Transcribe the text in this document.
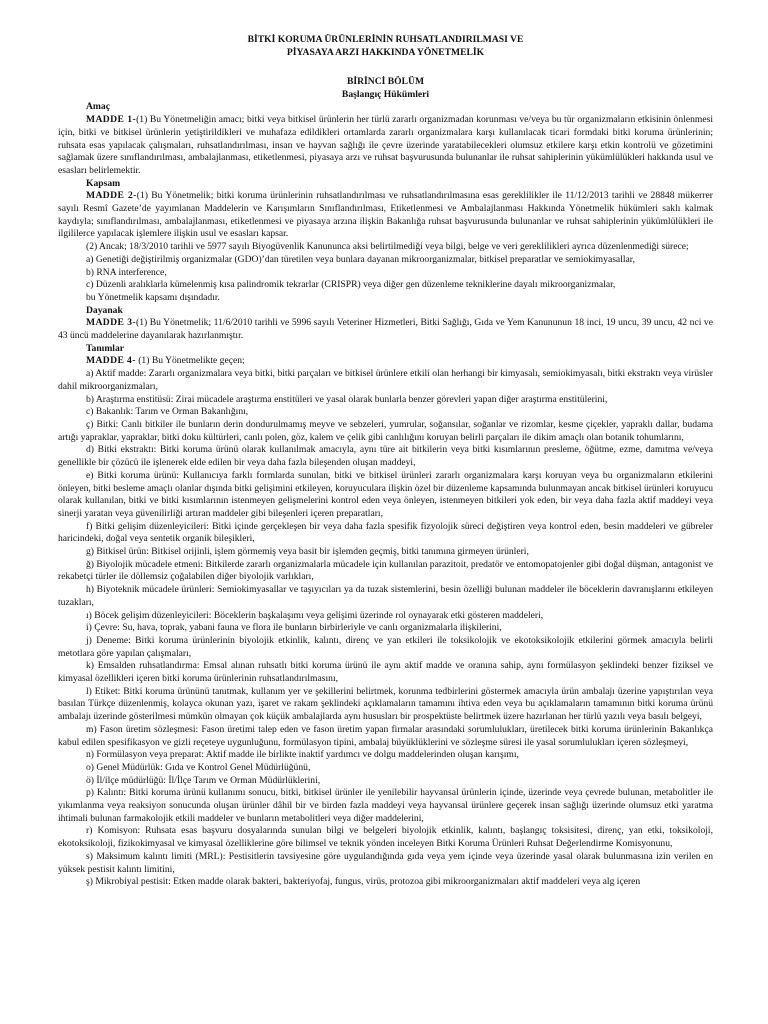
BİTKİ KORUMA ÜRÜNLERİNİN RUHSATLANDIRILMASI VE
PİYASAYA ARZI HAKKINDA YÖNETMELİK
BİRİNCİ BÖLÜM
Başlangıç Hükümleri
Amaç
MADDE 1-(1) Bu Yönetmeliğin amacı; bitki veya bitkisel ürünlerin her türlü zararlı organizmadan korunması ve/veya bu tür organizmaların etkisinin önlenmesi için, bitki ve bitkisel ürünlerin yetiştirildikleri ve muhafaza edildikleri ortamlarda zararlı organizmalara karşı kullanılacak ticari formdaki bitki koruma ürünlerinin; ruhsata esas yapılacak çalışmaları, ruhsatlandırılması, insan ve hayvan sağlığı ile çevre üzerinde yaratabilecekleri olumsuz etkilere karşı etkin kontrolü ve gözetimini sağlamak üzere sınıflandırılması, ambalajlanması, etiketlenmesi, piyasaya arzı ve ruhsat başvurusunda bulunanlar ile ruhsat sahiplerinin yükümlülükleri hakkında usul ve esasları belirlemektir.
Kapsam
MADDE 2-(1) Bu Yönetmelik; bitki koruma ürünlerinin ruhsatlandırılması ve ruhsatlandırılmasına esas gereklilikler ile 11/12/2013 tarihli ve 28848 mükerrer sayılı Resmî Gazete’de yayımlanan Maddelerin ve Karışımların Sınıflandırılması, Etiketlenmesi ve Ambalajlanması Hakkında Yönetmelik hükümleri saklı kalmak kaydıyla; sınıflandırılması, ambalajlanması, etiketlenmesi ve piyasaya arzına ilişkin Bakanlığa ruhsat başvurusunda bulunanlar ve ruhsat sahiplerinin yükümlülükleri ile ilgililerce yapılacak işlemlere ilişkin usul ve esasları kapsar.
(2) Ancak; 18/3/2010 tarihli ve 5977 sayılı Biyogüvenlik Kanununca aksi belirtilmediği veya bilgi, belge ve veri gereklilikleri ayrıca düzenlenmediği sürece;
a) Genetiği değiştirilmiş organizmalar (GDO)’dan türetilen veya bunlara dayanan mikroorganizmalar, bitkisel preparatlar ve semiokimyasallar,
b) RNA interference,
c) Düzenli aralıklarla kümelenmiş kısa palindromik tekrarlar (CRISPR) veya diğer gen düzenleme tekniklerine dayalı mikroorganizmalar,
bu Yönetmelik kapsamı dışındadır.
Dayanak
MADDE 3-(1) Bu Yönetmelik; 11/6/2010 tarihli ve 5996 sayılı Veteriner Hizmetleri, Bitki Sağlığı, Gıda ve Yem Kanununun 18 inci, 19 uncu, 39 uncu, 42 nci ve 43 üncü maddelerine dayanılarak hazırlanmıştır.
Tanımlar
MADDE 4- (1) Bu Yönetmelikte geçen;
a) Aktif madde: Zararlı organizmalara veya bitki, bitki parçaları ve bitkisel ürünlere etkili olan herhangi bir kimyasalı, semiokimyasalı, bitki ekstraktı veya virüsler dahil mikroorganizmaları,
b) Araştırma enstitüsü: Zirai mücadele araştırma enstitüleri ve yasal olarak bunlarla benzer görevleri yapan diğer araştırma enstitülerini,
c) Bakanlık: Tarım ve Orman Bakanlığını,
ç) Bitki: Canlı bitkiler ile bunların derin dondurulmamış meyve ve sebzeleri, yumrular, soğansılar, soğanlar ve rizomlar, kesme çiçekler, yapraklı dallar, budama artığı yapraklar, yapraklar, bitki doku kültürleri, canlı polen, göz, kalem ve çelik gibi canlılığını koruyan belirli parçaları ile dikim amaçlı olan botanik tohumlarını,
d) Bitki ekstraktı: Bitki koruma ürünü olarak kullanılmak amacıyla, aynı türe ait bitkilerin veya bitki kısımlarının presleme, öğütme, ezme, damıtma ve/veya genellikle bir çözücü ile işlenerek elde edilen bir veya daha fazla bileşenden oluşan maddeyi,
e) Bitki koruma ürünü: Kullanıcıya farklı formlarda sunulan, bitki ve bitkisel ürünleri zararlı organizmalara karşı koruyan veya bu organizmaların etkilerini önleyen, bitki besleme amaçlı olanlar dışında bitki gelişimini etkileyen, koruyuculara ilişkin özel bir düzenleme kapsamında bulunmayan ancak bitkisel ürünleri koruyucu olarak kullanılan, bitki ve bitki kısımlarının istenmeyen gelişmelerini kontrol eden veya önleyen, istenmeyen bitkileri yok eden, bir veya daha fazla aktif maddeyi veya sinerji yaratan veya güvenilirliği artıran maddeler gibi bileşenleri içeren preparatları,
f) Bitki gelişim düzenleyicileri: Bitki içinde gerçekleşen bir veya daha fazla spesifik fizyolojik süreci değiştiren veya kontrol eden, besin maddeleri ve gübreler haricindeki, doğal veya sentetik organik bileşikleri,
g) Bitkisel ürün: Bitkisel orijinli, işlem görmemiş veya basit bir işlemden geçmiş, bitki tanımına girmeyen ürünleri,
ğ) Biyolojik mücadele etmeni: Bitkilerde zararlı organizmalarla mücadele için kullanılan parazitoit, predatör ve entomopatojenler gibi doğal düşman, antagonist ve rekabetçi türler ile döllemsiz çoğalabilen diğer biyolojik varlıkları,
h) Biyoteknik mücadele ürünleri: Semiokimyasallar ve taşıyıcıları ya da tuzak sistemlerini, besin özelliği bulunan maddeler ile böceklerin davranışlarını etkileyen tuzakları,
ı) Böcek gelişim düzenleyicileri: Böceklerin başkalaşımı veya gelişimi üzerinde rol oynayarak etki gösteren maddeleri,
i) Çevre: Su, hava, toprak, yabani fauna ve flora ile bunların birbirleriyle ve canlı organizmalarla ilişkilerini,
j) Deneme: Bitki koruma ürünlerinin biyolojik etkinlik, kalıntı, direnç ve yan etkileri ile toksikolojik ve ekotoksikolojik etkilerini görmek amacıyla belirli metotlara göre yapılan çalışmaları,
k) Emsalden ruhsatlandırma: Emsal alınan ruhsatlı bitki koruma ürünü ile aynı aktif madde ve oranına sahip, aynı formülasyon şeklindeki benzer fiziksel ve kimyasal özellikleri içeren bitki koruma ürünlerinin ruhsatlandırılmasını,
l) Etiket: Bitki koruma ürününü tanıtmak, kullanım yer ve şekillerini belirtmek, korunma tedbirlerini göstermek amacıyla ürün ambalajı üzerine yapıştırılan veya basılan Türkçe düzenlenmiş, kolayca okunan yazı, işaret ve rakam şeklindeki açıklamaların tamamını ihtiva eden veya bu açıklamaların tamamının bitki koruma ürünü ambalajı üzerinde gösterilmesi mümkün olmayan çok küçük ambalajlarda aynı hususları bir prospektüste belirtmek üzere hazırlanan her türlü yazılı veya basılı belgeyi,
m) Fason üretim sözleşmesi: Fason üretimi talep eden ve fason üretim yapan firmalar arasındaki sorumlulukları, üretilecek bitki koruma ürünlerinin Bakanlıkça kabul edilen spesifikasyon ve gizli reçeteye uygunluğunu, formülasyon tipini, ambalaj büyüklüklerini ve sözleşme süresi ile yasal sorumlulukları içeren sözleşmeyi,
n) Formülasyon veya preparat: Aktif madde ile birlikte inaktif yardımcı ve dolgu maddelerinden oluşan karışımı,
o) Genel Müdürlük: Gıda ve Kontrol Genel Müdürlüğünü,
ö) İl/ilçe müdürlüğü: İl/İlçe Tarım ve Orman Müdürlüklerini,
p) Kalıntı: Bitki koruma ürünü kullanımı sonucu, bitki, bitkisel ürünler ile yenilebilir hayvansal ürünlerin içinde, üzerinde veya çevrede bulunan, metabolitler ile yıkımlanma veya reaksiyon sonucunda oluşan ürünler dâhil bir ve birden fazla maddeyi veya hayvansal ürünlere geçerek insan sağlığı üzerinde olumsuz etki yaratma ihtimali bulunan farmakolojik etkili maddeler ve bunların metabolitleri veya diğer maddelerini,
r) Komisyon: Ruhsata esas başvuru dosyalarında sunulan bilgi ve belgeleri biyolojik etkinlik, kalıntı, başlangıç toksisitesi, direnç, yan etki, toksikoloji, ekotoksikoloji, fizikokimyasal ve kimyasal özelliklerine göre bilimsel ve teknik yönden inceleyen Bitki Koruma Ürünleri Ruhsat Değerlendirme Komisyonunu,
s) Maksimum kalıntı limiti (MRL): Pestisitlerin tavsiyesine göre uygulandığında gıda veya yem içinde veya üzerinde yasal olarak bulunmasına izin verilen en yüksek pestisit kalıntı limitini,
ş) Mikrobiyal pestisit: Etken madde olarak bakteri, bakteriyofaj, fungus, virüs, protozoa gibi mikroorganizmaları aktif maddeleri veya alg içeren
